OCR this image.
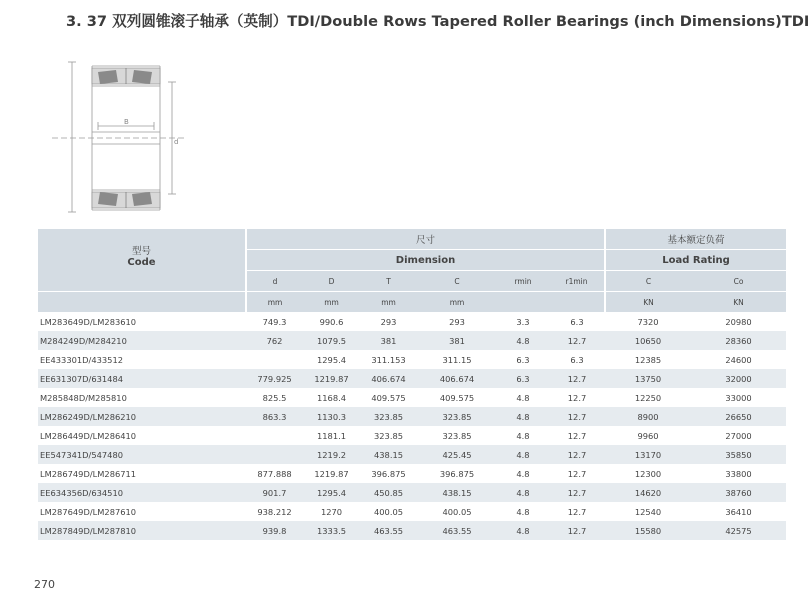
3. 37 双列圆锥滚子轴承（英制）TDI/Double Rows Tapered Roller Bearings (inch Dimensions)TDI
B
d
型号
Code	尺寸						基本额定负荷	
	Dimension						Load Rating	
	d	D	T	C	rmin	r1min	C	Co
	mm	mm	mm	mm			KN	KN
LM283649D/LM283610	749.3	990.6	293	293	3.3	6.3	7320	20980
M284249D/M284210	762	1079.5	381	381	4.8	12.7	10650	28360
EE433301D/433512		1295.4	311.153	311.15	6.3	6.3	12385	24600
EE631307D/631484	779.925	1219.87	406.674	406.674	6.3	12.7	13750	32000
M285848D/M285810	825.5	1168.4	409.575	409.575	4.8	12.7	12250	33000
LM286249D/LM286210	863.3	1130.3	323.85	323.85	4.8	12.7	8900	26650
LM286449D/LM286410		1181.1	323.85	323.85	4.8	12.7	9960	27000
EE547341D/547480		1219.2	438.15	425.45	4.8	12.7	13170	35850
LM286749D/LM286711	877.888	1219.87	396.875	396.875	4.8	12.7	12300	33800
EE634356D/634510	901.7	1295.4	450.85	438.15	4.8	12.7	14620	38760
LM287649D/LM287610	938.212	1270	400.05	400.05	4.8	12.7	12540	36410
LM287849D/LM287810	939.8	1333.5	463.55	463.55	4.8	12.7	15580	42575
270
